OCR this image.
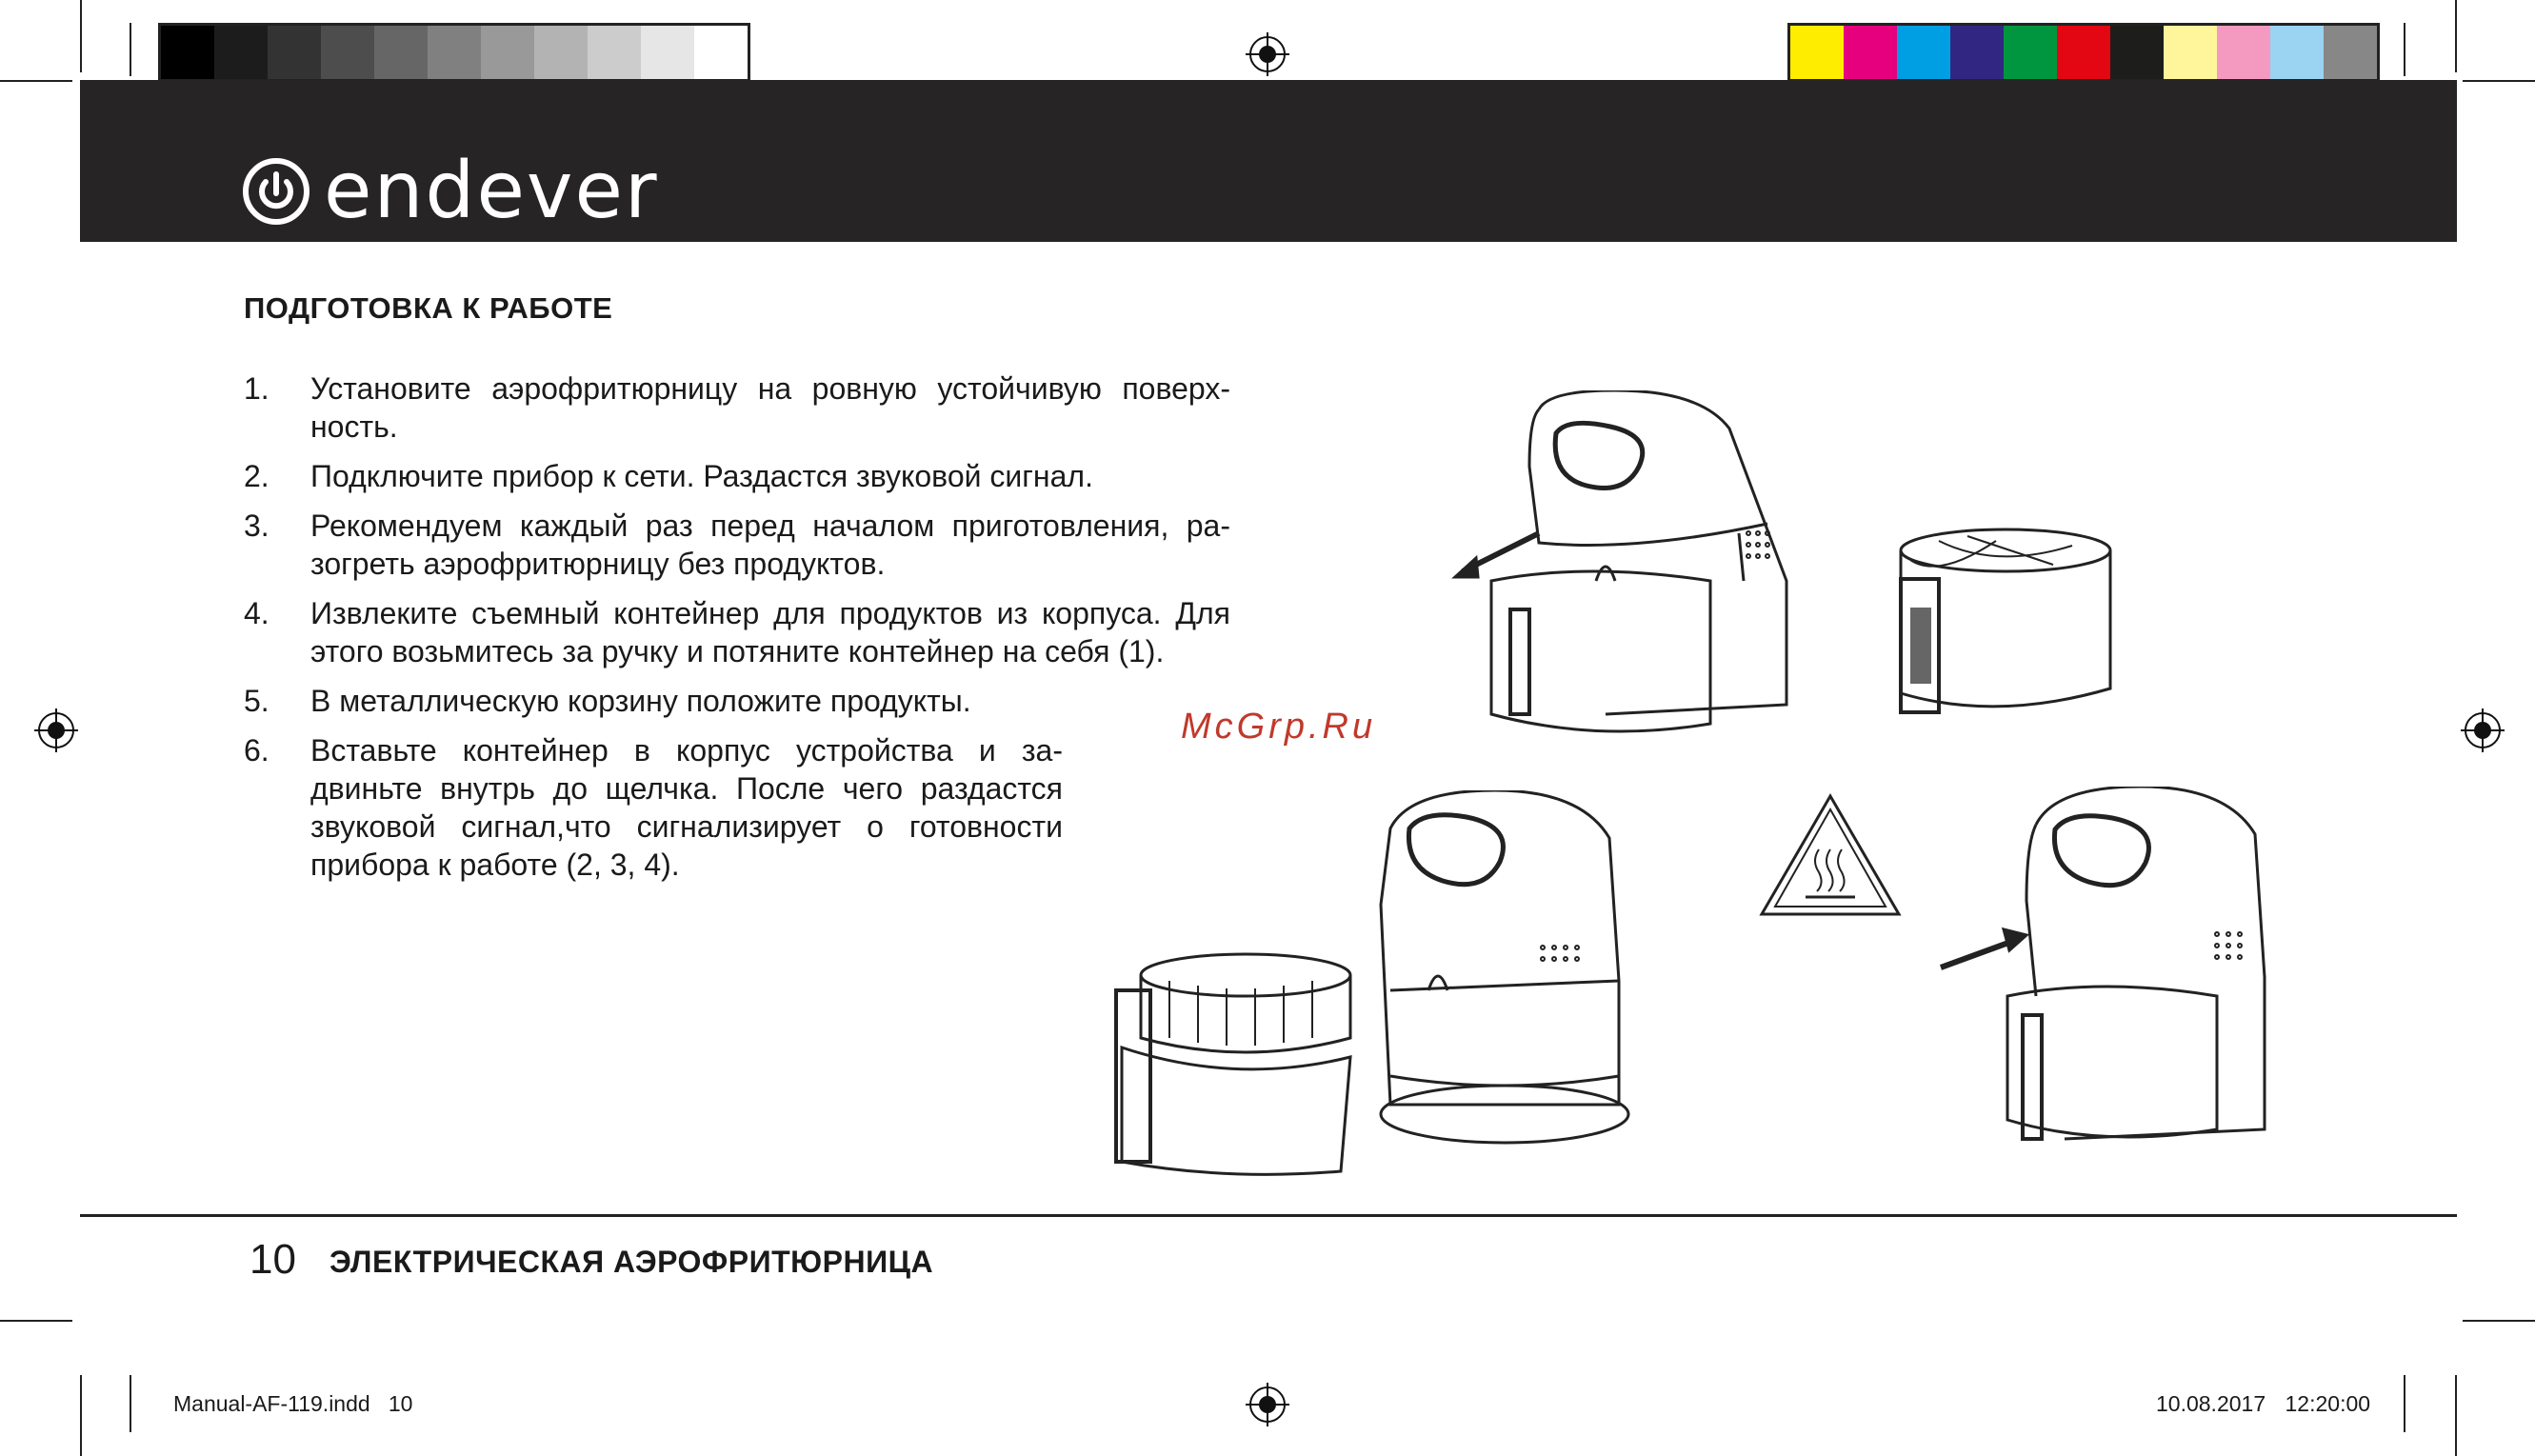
endever
ПОДГОТОВКА К РАБОТЕ
1.	Установите аэрофритюрницу на ровную устойчивую поверх-ность.
2.	Подключите прибор к сети. Раздастся звуковой сигнал.
3.	Рекомендуем каждый раз перед началом приготовления, ра-зогреть аэрофритюрницу без продуктов.
4.	Извлеките съемный контейнер для продуктов из корпуса. Для этого возьмитесь за ручку и потяните контейнер на себя (1).
5.	В металлическую корзину положите продукты.
6.	Вставьте контейнер в корпус устройства и за-двиньте внутрь до щелчка. После чего раздастся звуковой сигнал,что сигнализирует о готовности прибора к работе (2, 3, 4).
McGrp.Ru
10 ЭЛЕКТРИЧЕСКАЯ АЭРОФРИТЮРНИЦА
Manual-AF-119.indd   10	10.08.2017 12:20:00
